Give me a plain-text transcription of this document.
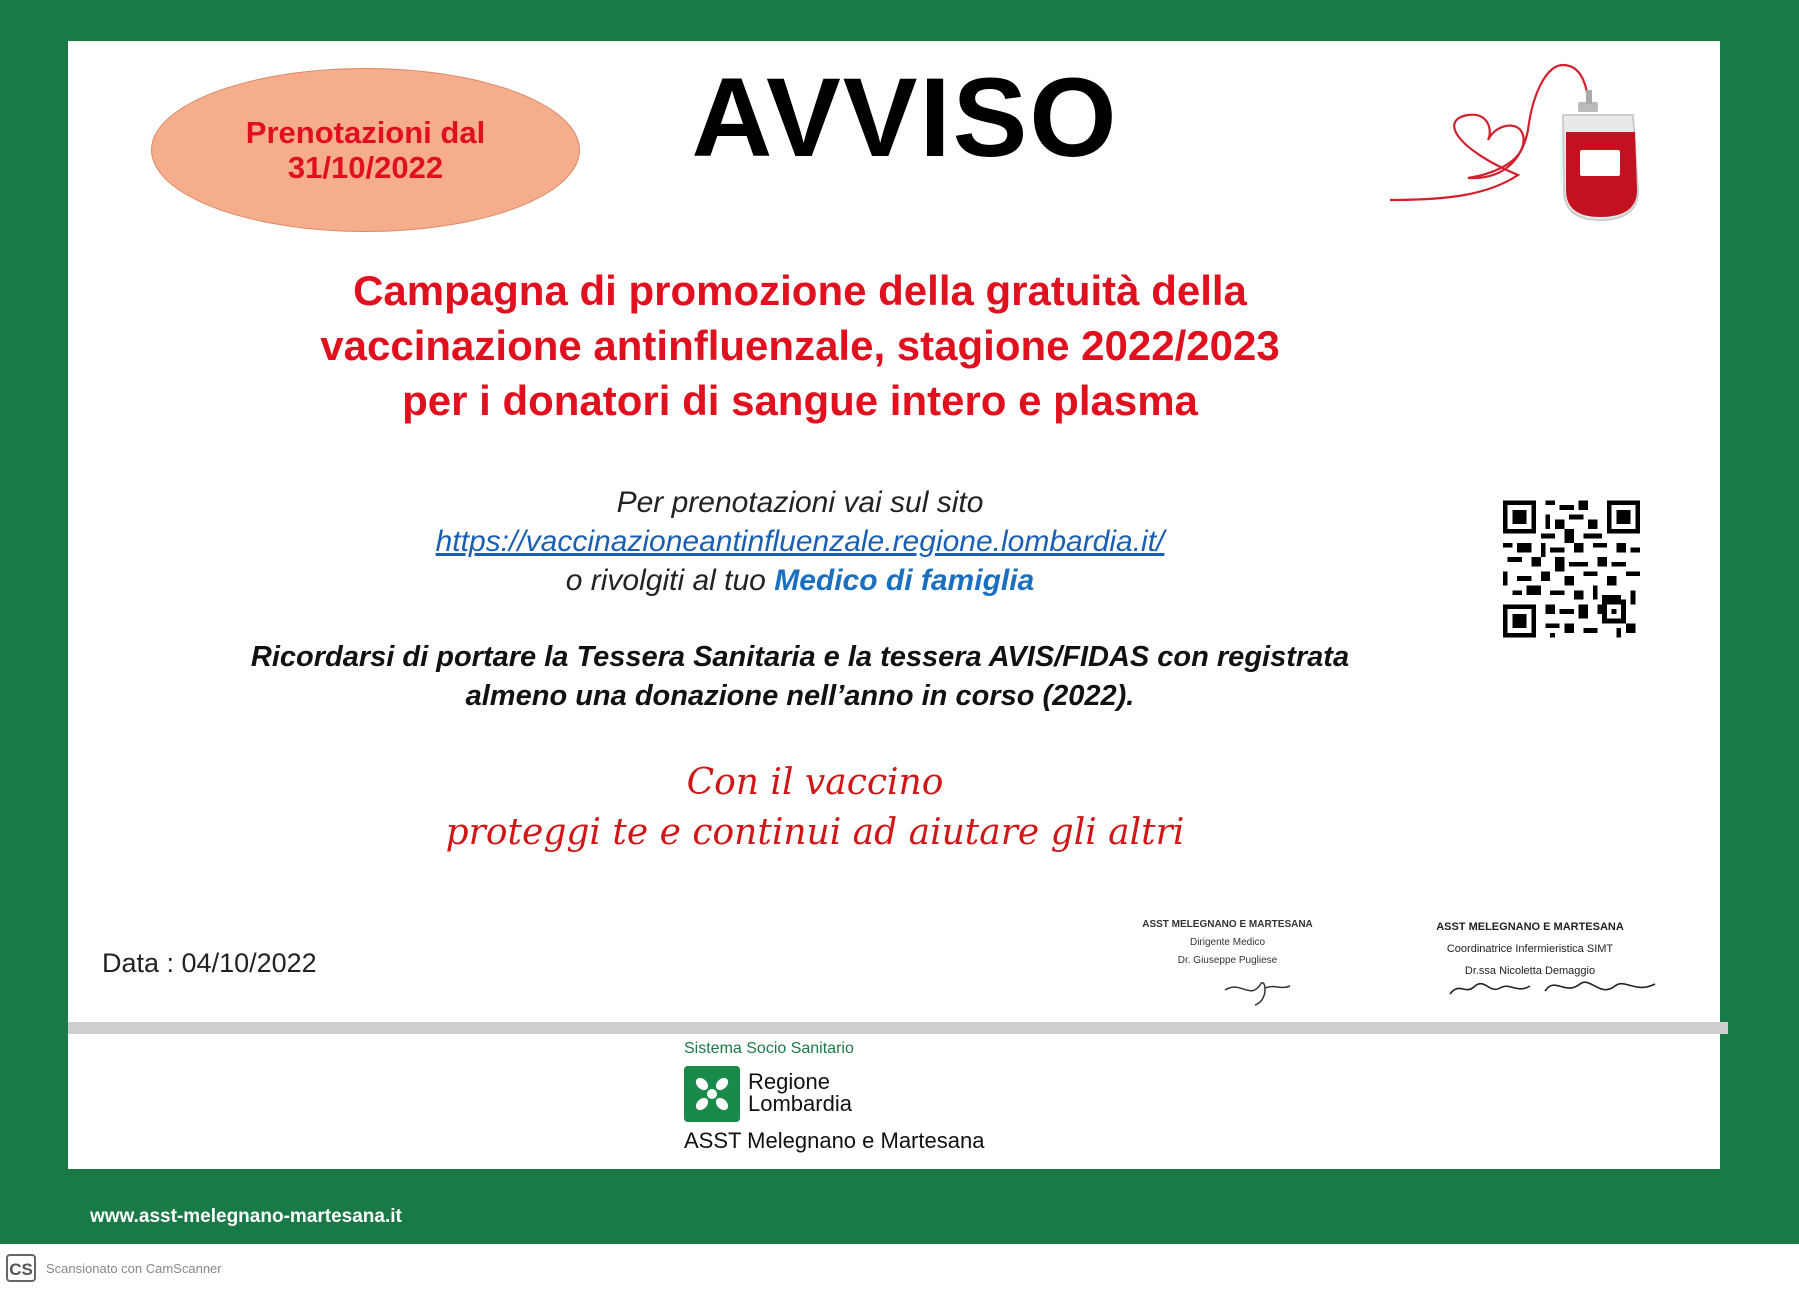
Prenotazioni dal
31/10/2022	AVVISO
Campagna di promozione della gratuità della
vaccinazione antinfluenzale, stagione 2022/2023
per i donatori di sangue intero e plasma
Per prenotazioni vai sul sito
https://vaccinazioneantinfluenzale.regione.lombardia.it/
o rivolgiti al tuo Medico di famiglia
Ricordarsi di portare la Tessera Sanitaria e la tessera AVIS/FIDAS con registrata
almeno una donazione nell’anno in corso (2022).
Con il vaccino
proteggi te e continui ad aiutare gli altri
Data : 04/10/2022
ASST MELEGNANO E MARTESANA
Dirigente Medico
Dr. Giuseppe Pugliese
ASST MELEGNANO E MARTESANA
Coordinatrice Infermieristica SIMT
Dr.ssa Nicoletta Demaggio
Sistema Socio Sanitario
Regione
Lombardia
ASST Melegnano e Martesana
www.asst-melegnano-martesana.it
CS Scansionato con CamScanner
